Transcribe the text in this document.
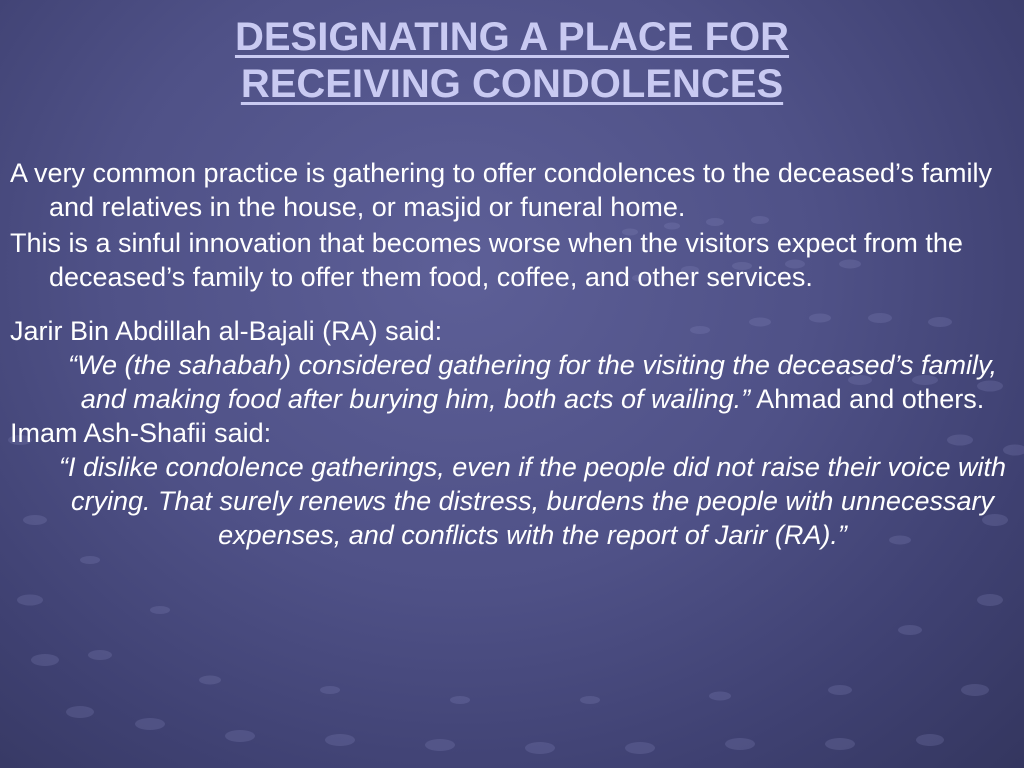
DESIGNATING A PLACE FOR
RECEIVING CONDOLENCES

A very common practice is gathering to offer condolences to the deceased’s family and relatives in the house, or masjid or funeral home.

This is a sinful innovation that becomes worse when the visitors expect from the deceased’s family to offer them food, coffee, and other services.

Jarir Bin Abdillah al-Bajali (RA) said:

“We (the sahabah) considered gathering for the visiting the deceased’s family, and making food after burying him, both acts of wailing.” Ahmad and others.

Imam Ash-Shafii said:

“I dislike condolence gatherings, even if the people did not raise their voice with crying. That surely renews the distress, burdens the people with unnecessary expenses, and conflicts with the report of Jarir (RA).”
